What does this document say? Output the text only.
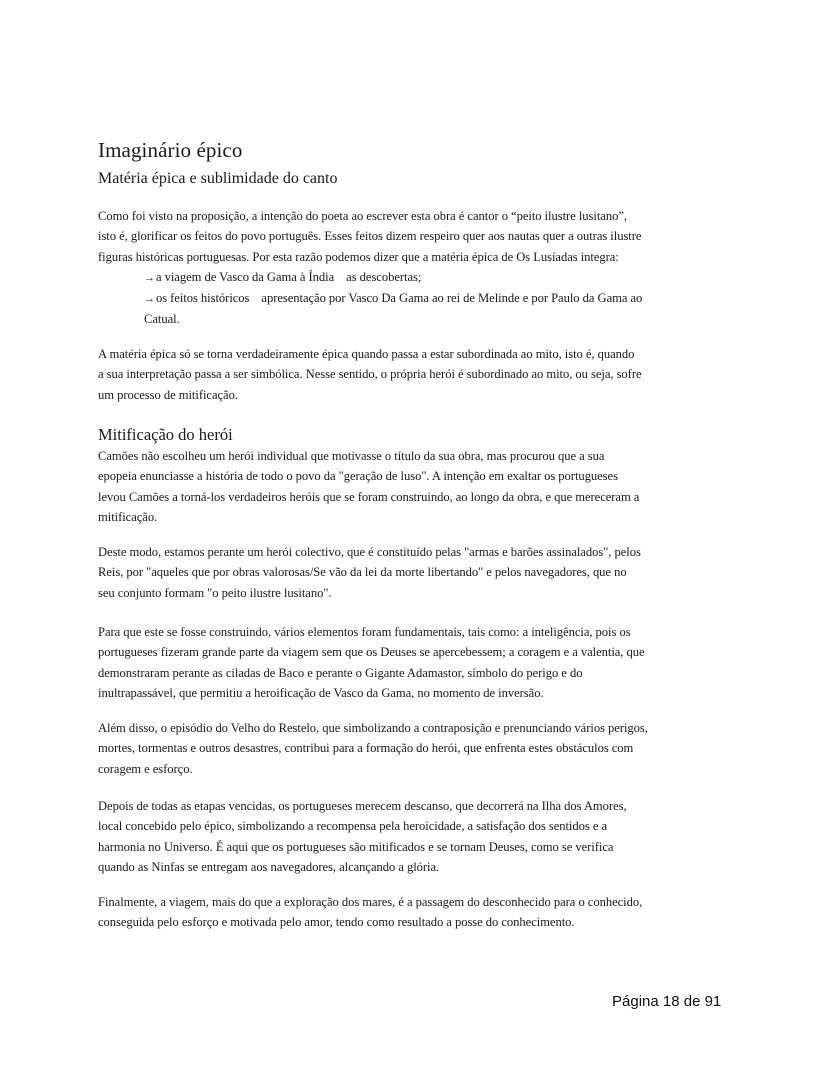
Imaginário épico
Matéria épica e sublimidade do canto
Como foi visto na proposição, a intenção do poeta ao escrever esta obra é cantor o “peito ilustre lusitano”,
isto é, glorificar os feitos do povo português. Esses feitos dizem respeiro quer aos nautas quer a outras ilustre
figuras históricas portuguesas. Por esta razão podemos dizer que a matéria épica de Os Lusíadas integra:
→a viagem de Vasco da Gama à Índia as descobertas;
→os feitos históricos apresentação por Vasco Da Gama ao rei de Melinde e por Paulo da Gama ao
Catual.
A matéria épica só se torna verdadeiramente épica quando passa a estar subordinada ao mito, isto é, quando
a sua interpretação passa a ser simbólica. Nesse sentido, o própria herói é subordinado ao mito, ou seja, sofre
um processo de mitificação.
Mitificação do herói
Camões não escolheu um herói individual que motivasse o título da sua obra, mas procurou que a sua
epopeia enunciasse a história de todo o povo da "geração de luso". A intenção em exaltar os portugueses
levou Camões a torná-los verdadeiros heróis que se foram construindo, ao longo da obra, e que mereceram a
mitificação.
Deste modo, estamos perante um herói colectivo, que é constituído pelas "armas e barões assinalados", pelos
Reis, por "aqueles que por obras valorosas/Se vão da lei da morte libertando" e pelos navegadores, que no
seu conjunto formam "o peito ilustre lusitano".
Para que este se fosse construindo, vários elementos foram fundamentais, tais como: a inteligência, pois os
portugueses fizeram grande parte da viagem sem que os Deuses se apercebessem; a coragem e a valentia, que
demonstraram perante as ciladas de Baco e perante o Gigante Adamastor, símbolo do perigo e do
inultrapassável, que permitiu a heroificação de Vasco da Gama, no momento de inversão.
Além disso, o episódio do Velho do Restelo, que simbolizando a contraposição e prenunciando vários perigos,
mortes, tormentas e outros desastres, contribui para a formação do herói, que enfrenta estes obstáculos com
coragem e esforço.
Depois de todas as etapas vencidas, os portugueses merecem descanso, que decorrerá na Ilha dos Amores,
local concebido pelo épico, simbolizando a recompensa pela heroicidade, a satisfação dos sentidos e a
harmonia no Universo. É aqui que os portugueses são mitificados e se tornam Deuses, como se verifica
quando as Ninfas se entregam aos navegadores, alcançando a glória.
Finalmente, a viagem, mais do que a exploração dos mares, é a passagem do desconhecido para o conhecido,
conseguida pelo esforço e motivada pelo amor, tendo como resultado a posse do conhecimento.
Página 18 de 91
